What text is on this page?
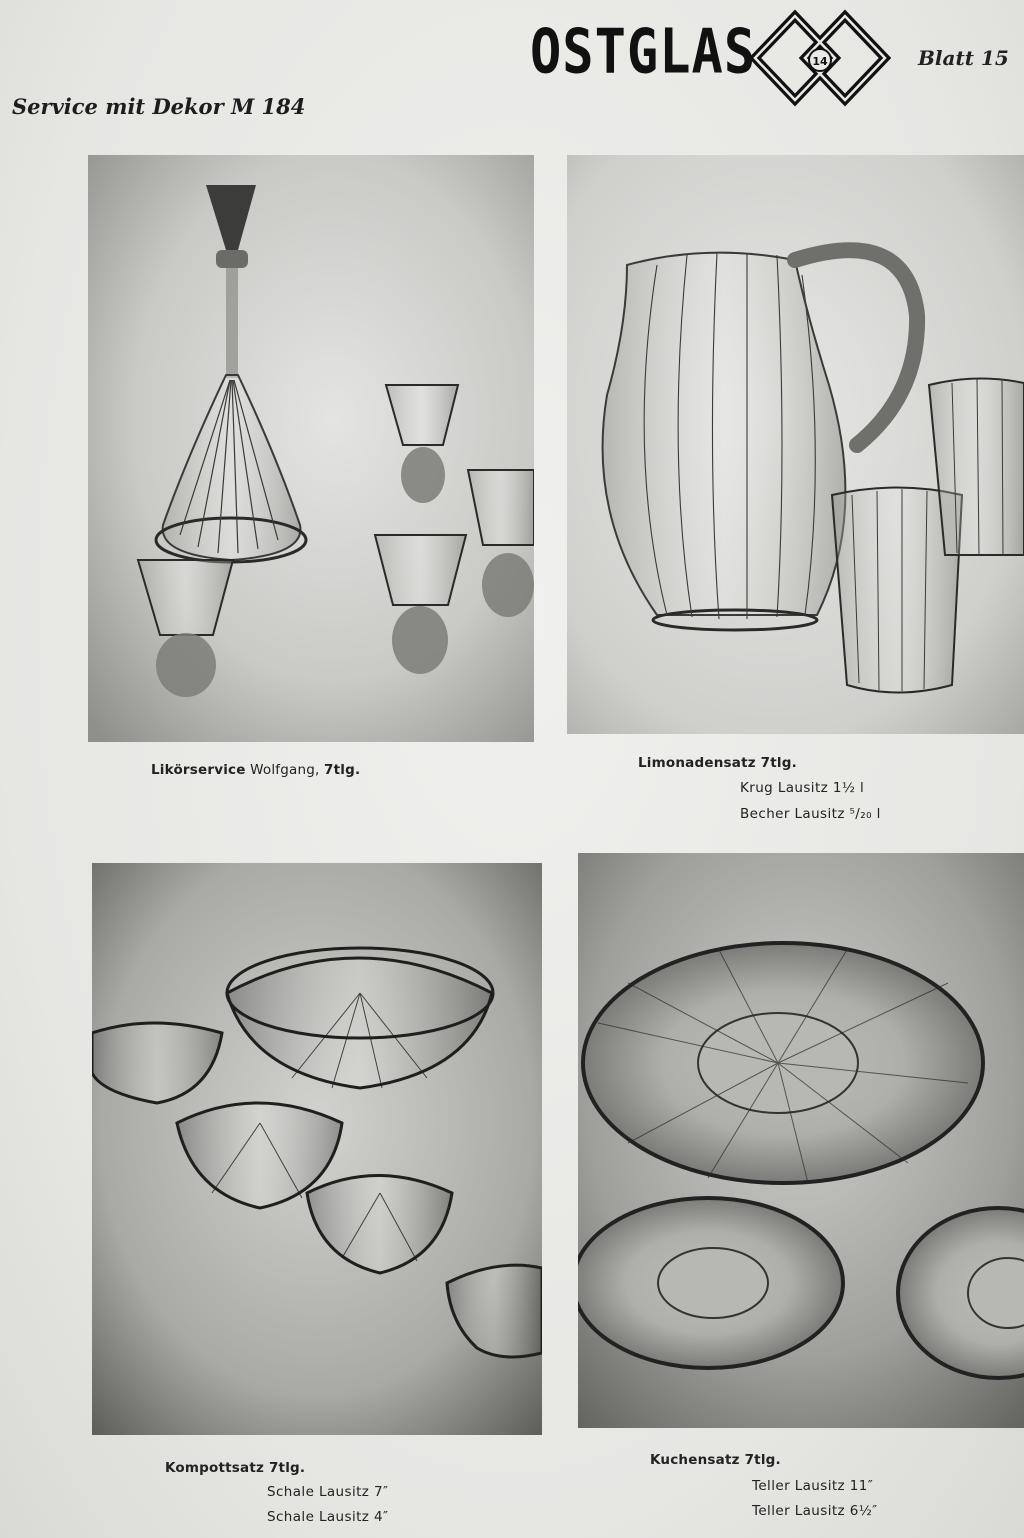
OSTGLAS	14	Blatt 15
Service mit Dekor M 184
Likörservice Wolfgang, 7tlg.	Limonadensatz 7tlg.
Krug Lausitz 1½ l
Becher Lausitz ⁵/₂₀ l
Kompottsatz 7tlg.
Schale Lausitz 7″
Schale Lausitz 4″
Kuchensatz 7tlg.
Teller Lausitz 11″
Teller Lausitz 6½″
